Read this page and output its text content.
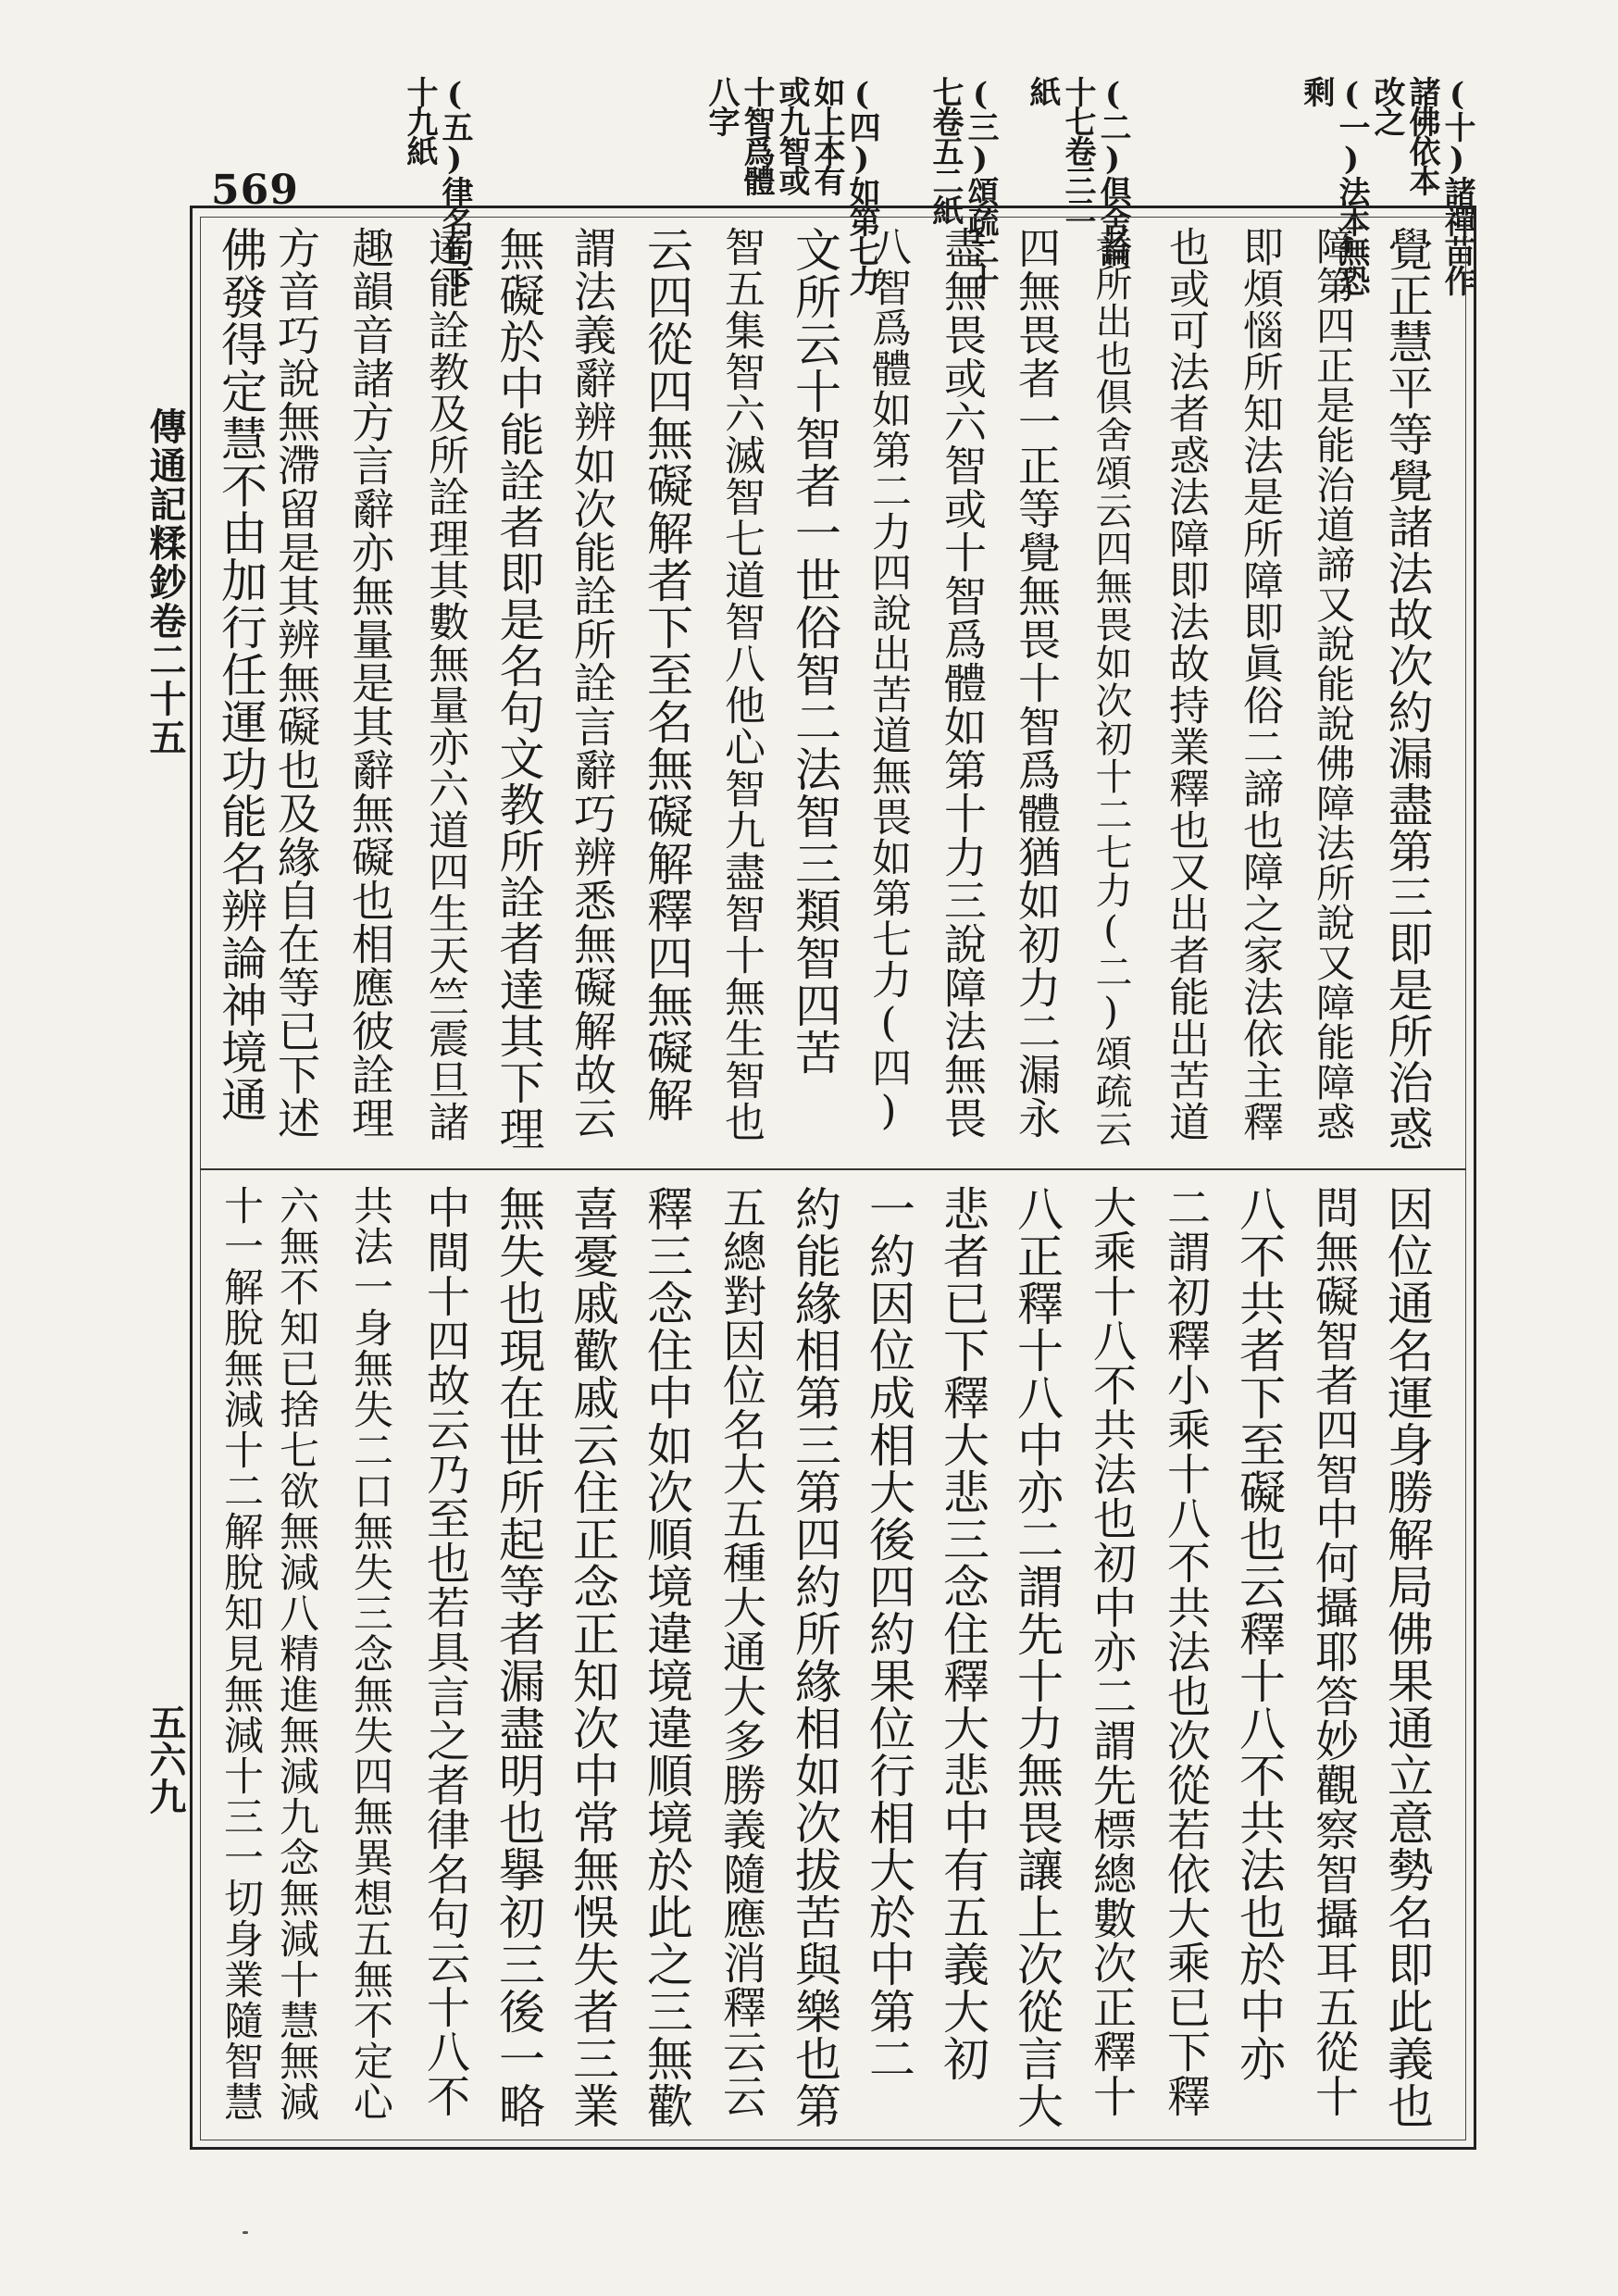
(十)諸禪苗作
諸佛依本
改之
(一)法本無恐
剩
(二)倶舍論
十七卷三二
紙
(三)頌疏二十
七卷五二紙
(四)如第七力
如上本有
或九智或
十智爲體
八字
(五)律名句下
十九紙
569
傳通記糅鈔卷二十五
五六九
覺正慧平等覺諸法故次約漏盡第三即是所治惑
障第四正是能治道諦又說能說佛障法所說又障能障惑
即煩惱所知法是所障即眞俗二諦也障之家法依主釋
也或可法者惑法障即法故持業釋也又出者能出苦道
者所出也倶舍頌云四無畏如次初十二七力(二)頌疏云
四無畏者一正等覺無畏十智爲體猶如初力二漏永
盡無畏或六智或十智爲體如第十力三說障法無畏
八智爲體如第二力四說出苦道無畏如第七力(四)
文所云十智者一世俗智二法智三類智四苦
智五集智六滅智七道智八他心智九盡智十無生智也
云四從四無礙解者下至名無礙解釋四無礙解
謂法義辭辨如次能詮所詮言辭巧辨悉無礙解故云
無礙於中能詮者即是名句文教所詮者達其下理
達能詮教及所詮理其數無量亦六道四生天竺震旦諸
趣韻音諸方言辭亦無量是其辭無礙也相應彼詮理
方音巧說無滯留是其辨無礙也及緣自在等已下述
佛發得定慧不由加行任運功能名辨論神境通
因位通名運身勝解局佛果通立意勢名即此義也
問無礙智者四智中何攝耶答妙觀察智攝耳五從十
八不共者下至礙也云釋十八不共法也於中亦
二謂初釋小乘十八不共法也次從若依大乘已下釋
大乘十八不共法也初中亦二謂先標總數次正釋十
八正釋十八中亦二謂先十力無畏讓上次從言大
悲者已下釋大悲三念住釋大悲中有五義大初
一約因位成相大後四約果位行相大於中第二
約能緣相第三第四約所緣相如次拔苦與樂也第
五總對因位名大五種大通大多勝義隨應消釋云云
釋三念住中如次順境違境違順境於此之三無歡
喜憂戚歡戚云住正念正知次中常無悞失者三業
無失也現在世所起等者漏盡明也擧初三後一略
中間十四故云乃至也若具言之者律名句云十八不
共法一身無失二口無失三念無失四無異想五無不定心
六無不知已捨七欲無減八精進無減九念無減十慧無減
十一解脫無減十二解脫知見無減十三一切身業隨智慧
